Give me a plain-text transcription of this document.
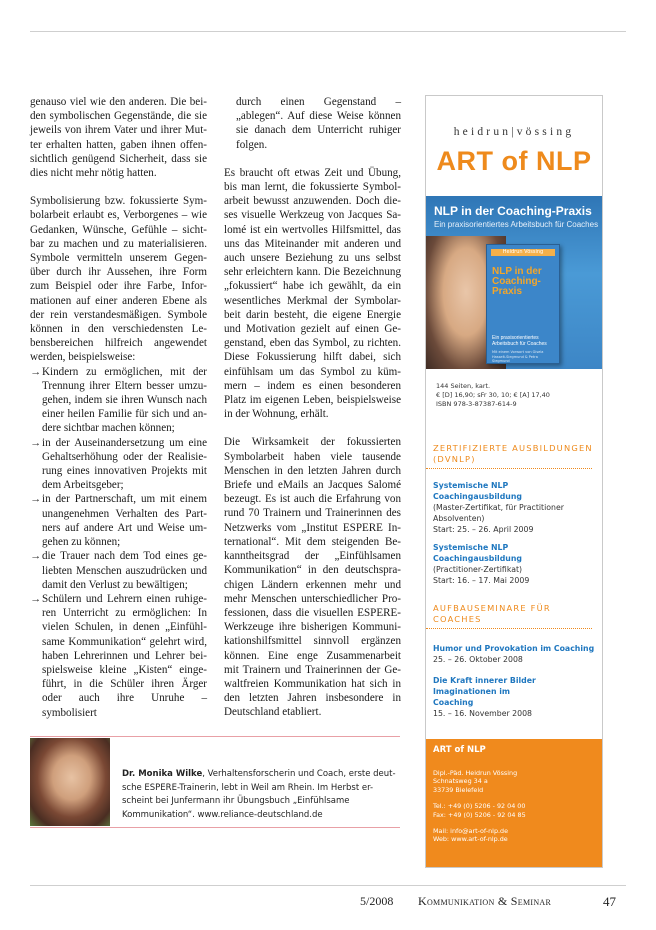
genauso viel wie den anderen. Die bei-den symbolischen Gegenstände, die sie jeweils von ihrem Vater und ihrer Mut-ter erhalten hatten, gaben ihnen offen-sichtlich genügend Sicherheit, dass sie dies nicht mehr nötig hatten.

Symbolisierung bzw. fokussierte Sym-bolarbeit erlaubt es, Verborgenes – wie Gedanken, Wünsche, Gefühle – sicht-bar zu machen und zu materialisieren. Symbole vermitteln unserem Gegen-über durch ihr Aussehen, ihre Form zum Beispiel oder ihre Farbe, Infor-mationen auf einer anderen Ebene als der rein verstandesmäßigen. Symbole können in den verschiedensten Le-bensbereichen hilfreich angewendet werden, beispielsweise:

→ Kindern zu ermöglichen, mit der Trennung ihrer Eltern besser umzu-gehen, indem sie ihren Wunsch nach einer heilen Familie für sich und an-dere sichtbar machen können;
→ in der Auseinandersetzung um eine Gehaltserhöhung oder der Realisie-rung eines innovativen Projekts mit dem Arbeitsgeber;
→ in der Partnerschaft, um mit einem unangenehmen Verhalten des Part-ners auf andere Art und Weise um-gehen zu können;
→ die Trauer nach dem Tod eines ge-liebten Menschen auszudrücken und damit den Verlust zu bewältigen;
→ Schülern und Lehrern einen ruhige-ren Unterricht zu ermöglichen: In vielen Schulen, in denen „Einfühl-same Kommunikation“ gelehrt wird, haben Lehrerinnen und Lehrer bei-spielsweise kleine „Kisten“ einge-führt, in die Schüler ihren Ärger oder auch ihre Unruhe – symbolisiert

durch einen Gegenstand – „ablegen“. Auf diese Weise können sie danach dem Unterricht ruhiger folgen.

Es braucht oft etwas Zeit und Übung, bis man lernt, die fokussierte Symbol-arbeit bewusst anzuwenden. Doch die-ses visuelle Werkzeug von Jacques Sa-lomé ist ein wertvolles Hilfsmittel, das uns das Miteinander mit anderen und auch unsere Beziehung zu uns selbst sehr erleichtern kann. Die Bezeichnung „fokussiert“ habe ich gewählt, da ein wesentliches Merkmal der Symbolar-beit darin besteht, die eigene Energie und Motivation gezielt auf einen Ge-genstand, eben das Symbol, zu richten. Diese Fokussierung hilft dabei, sich einfühlsam um das Symbol zu küm-mern – indem es einen besonderen Platz im eigenen Leben, beispielsweise in der Wohnung, erhält.

Die Wirksamkeit der fokussierten Symbolarbeit haben viele tausende Menschen in den letzten Jahren durch Briefe und eMails an Jacques Salomé bezeugt. Es ist auch die Erfahrung von rund 70 Trainern und Trainerinnen des Netzwerks vom „Institut ESPERE In-ternational“. Mit dem steigenden Be-kanntheitsgrad der „Einfühlsamen Kommunikation“ in den deutschspra-chigen Ländern erkennen mehr und mehr Menschen unterschiedlicher Pro-fessionen, dass die visuellen ESPERE-Werkzeuge ihre bisherigen Kommuni-kationshilfsmittel sinnvoll ergänzen können. Eine enge Zusammenarbeit mit Trainern und Trainerinnen der Ge-waltfreien Kommunikation hat sich in den letzten Jahren insbesondere in Deutschland etabliert.

heidrun|vössing
ART of NLP
NLP in der Coaching-Praxis
Ein praxisorientiertes Arbeitsbuch für Coaches
Heidrun Vössing
NLP in der Coaching-Praxis
Ein praxisorientiertes Arbeitsbuch für Coaches
Mit einem Vorwort von Gisela Hasselt-Siegmund & Petra Siegmund
144 Seiten, kart.
€ [D] 16,90; sFr 30, 10; € [A] 17,40
ISBN 978-3-87387-614-9
ZERTIFIZIERTE AUSBILDUNGEN (DVNLP)
Systemische NLP Coachingausbildung
(Master-Zertifikat, für Practitioner Absolventen)
Start: 25. – 26. April 2009
Systemische NLP Coachingausbildung
(Practitioner-Zertifikat)
Start: 16. – 17. Mai 2009
AUFBAUSEMINARE FÜR COACHES
Humor und Provokation im Coaching
25. – 26. Oktober 2008
Die Kraft innerer Bilder Imaginationen im Coaching
15. – 16. November 2008
ART of NLP
Dipl.-Päd. Heidrun Vössing
Schnatsweg 34 a
33739 Bielefeld
Tel.: +49 (0) 5206 - 92 04 00
Fax: +49 (0) 5206 - 92 04 85
Mail: info@art-of-nlp.de
Web: www.art-of-nlp.de
Dr. Monika Wilke, Verhaltensforscherin und Coach, erste deut-sche ESPERE-Trainerin, lebt in Weil am Rhein. Im Herbst er-scheint bei Junfermann ihr Übungsbuch „Einfühlsame Kommunikation“. www.reliance-deutschland.de
5/2008 Kommunikation & Seminar	47
